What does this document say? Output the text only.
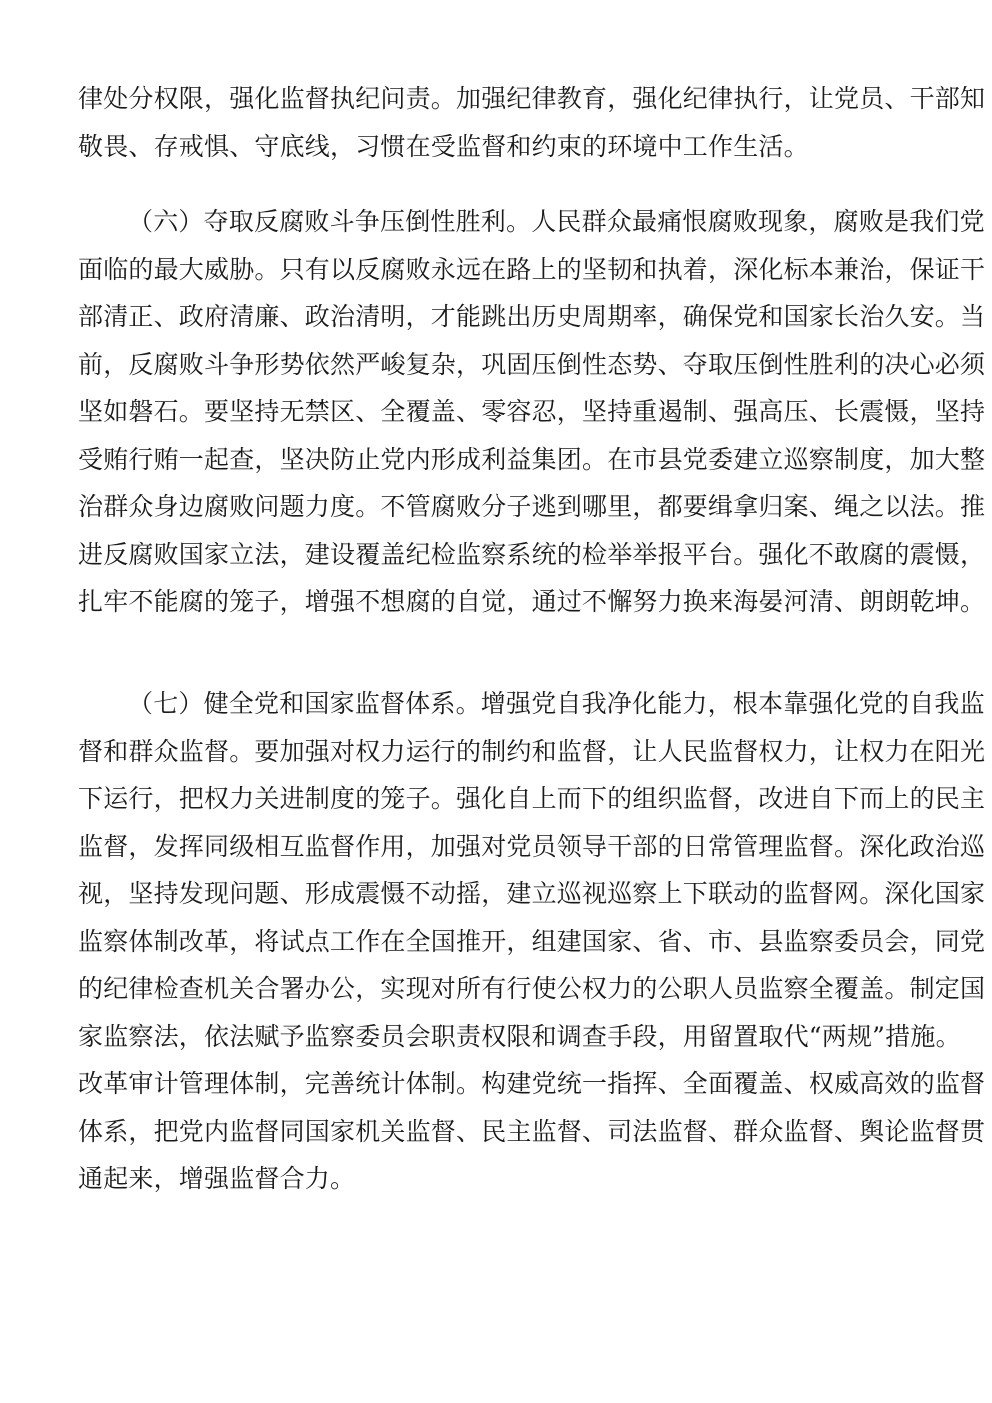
律处分权限，强化监督执纪问责。加强纪律教育，强化纪律执行，让党员、干部知
敬畏、存戒惧、守底线，习惯在受监督和约束的环境中工作生活。
（六）夺取反腐败斗争压倒性胜利。人民群众最痛恨腐败现象，腐败是我们党
面临的最大威胁。只有以反腐败永远在路上的坚韧和执着，深化标本兼治，保证干
部清正、政府清廉、政治清明，才能跳出历史周期率，确保党和国家长治久安。当
前，反腐败斗争形势依然严峻复杂，巩固压倒性态势、夺取压倒性胜利的决心必须
坚如磐石。要坚持无禁区、全覆盖、零容忍，坚持重遏制、强高压、长震慑，坚持
受贿行贿一起查，坚决防止党内形成利益集团。在市县党委建立巡察制度，加大整
治群众身边腐败问题力度。不管腐败分子逃到哪里，都要缉拿归案、绳之以法。推
进反腐败国家立法，建设覆盖纪检监察系统的检举举报平台。强化不敢腐的震慑，
扎牢不能腐的笼子，增强不想腐的自觉，通过不懈努力换来海晏河清、朗朗乾坤。
（七）健全党和国家监督体系。增强党自我净化能力，根本靠强化党的自我监
督和群众监督。要加强对权力运行的制约和监督，让人民监督权力，让权力在阳光
下运行，把权力关进制度的笼子。强化自上而下的组织监督，改进自下而上的民主
监督，发挥同级相互监督作用，加强对党员领导干部的日常管理监督。深化政治巡
视，坚持发现问题、形成震慑不动摇，建立巡视巡察上下联动的监督网。深化国家
监察体制改革，将试点工作在全国推开，组建国家、省、市、县监察委员会，同党
的纪律检查机关合署办公，实现对所有行使公权力的公职人员监察全覆盖。制定国
家监察法，依法赋予监察委员会职责权限和调查手段，用留置取代“两规”措施。
改革审计管理体制，完善统计体制。构建党统一指挥、全面覆盖、权威高效的监督
体系，把党内监督同国家机关监督、民主监督、司法监督、群众监督、舆论监督贯
通起来，增强监督合力。
